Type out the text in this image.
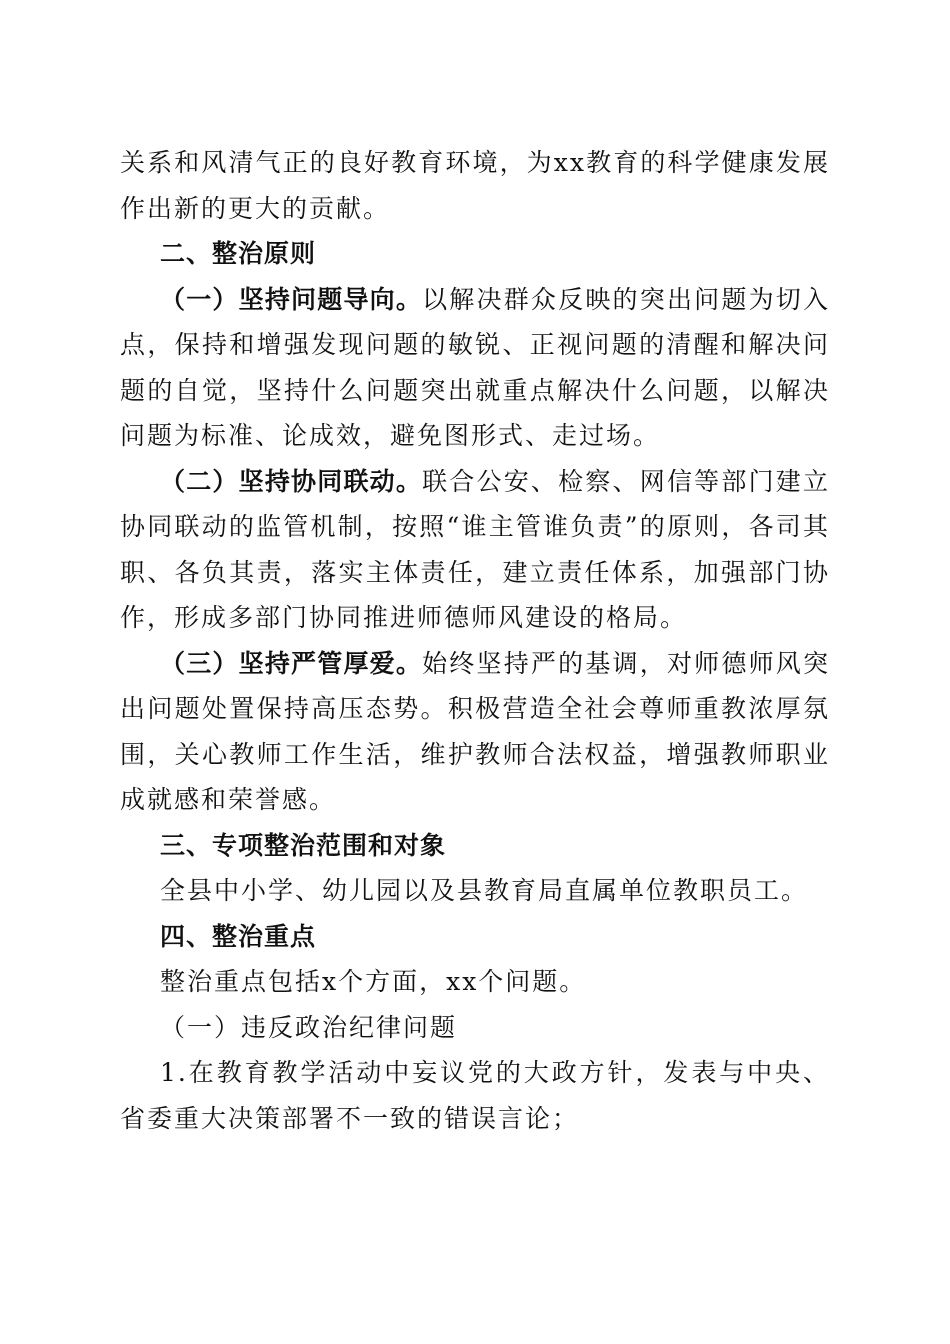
关系和风清气正的良好教育环境，为xx教育的科学健康发展作出新的更大的贡献。

二、整治原则

（一）坚持问题导向。以解决群众反映的突出问题为切入点，保持和增强发现问题的敏锐、正视问题的清醒和解决问题的自觉，坚持什么问题突出就重点解决什么问题，以解决问题为标准、论成效，避免图形式、走过场。

（二）坚持协同联动。联合公安、检察、网信等部门建立协同联动的监管机制，按照“谁主管谁负责”的原则，各司其职、各负其责，落实主体责任，建立责任体系，加强部门协作，形成多部门协同推进师德师风建设的格局。

（三）坚持严管厚爱。始终坚持严的基调，对师德师风突出问题处置保持高压态势。积极营造全社会尊师重教浓厚氛围，关心教师工作生活，维护教师合法权益，增强教师职业成就感和荣誉感。

三、专项整治范围和对象

全县中小学、幼儿园以及县教育局直属单位教职员工。

四、整治重点

整治重点包括x个方面，xx个问题。

（一）违反政治纪律问题

1.在教育教学活动中妄议党的大政方针，发表与中央、省委重大决策部署不一致的错误言论；
